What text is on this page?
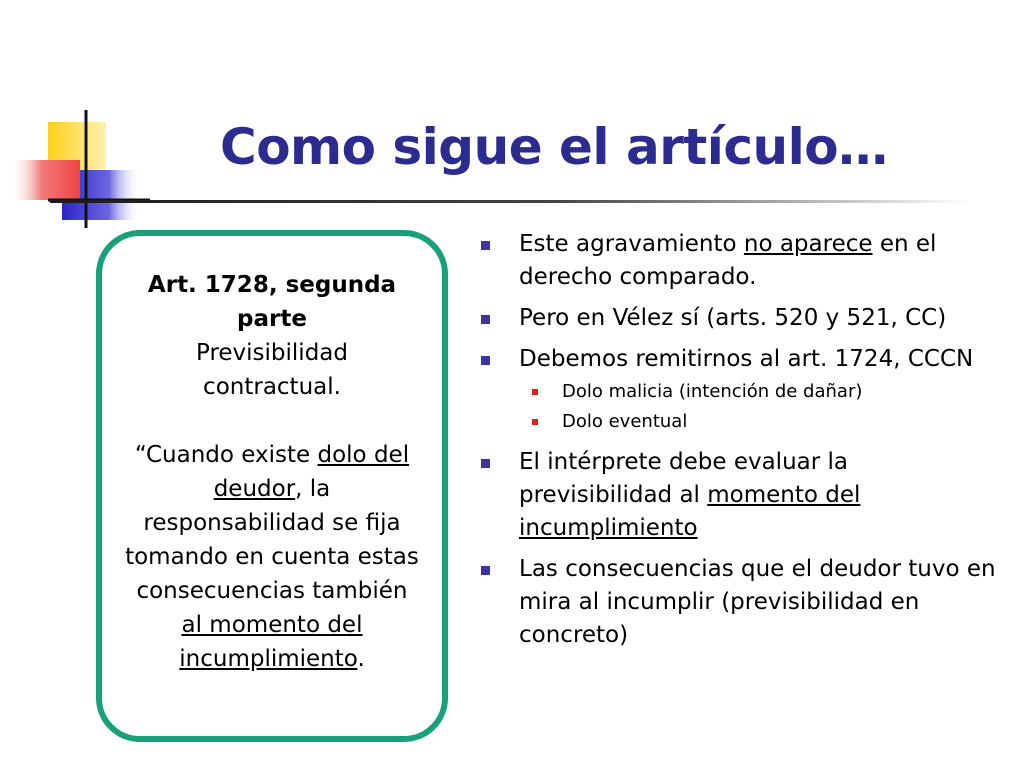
Como sigue el artículo…
Art. 1728, segunda parte
Previsibilidad
contractual.
“Cuando existe dolo del deudor, la responsabilidad se fija tomando en cuenta estas consecuencias también al momento del incumplimiento.
Este agravamiento no aparece en el derecho comparado.
Pero en Vélez sí (arts. 520 y 521, CC)
Debemos remitirnos al art. 1724, CCCN
Dolo malicia (intención de dañar)
Dolo eventual
El intérprete debe evaluar la previsibilidad al momento del incumplimiento
Las consecuencias que el deudor tuvo en mira al incumplir (previsibilidad en concreto)
